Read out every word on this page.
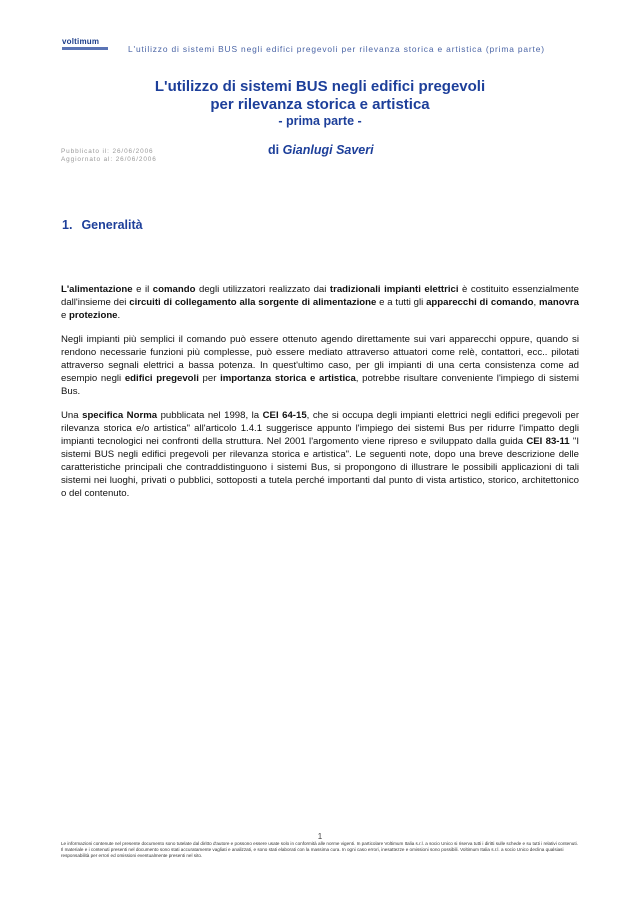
voltimum
L'utilizzo di sistemi BUS negli edifici pregevoli per rilevanza storica e artistica (prima parte)
L'utilizzo di sistemi BUS negli edifici pregevoli
per rilevanza storica e artistica
- prima parte -
Pubblicato il: 26/06/2006
Aggiornato al: 26/06/2006
di Gianlugi Saveri
1. Generalità

L'alimentazione e il comando degli utilizzatori realizzato dai tradizionali impianti elettrici è costituito essenzialmente dall'insieme dei circuiti di collegamento alla sorgente di alimentazione e a tutti gli apparecchi di comando, manovra e protezione.

Negli impianti più semplici il comando può essere ottenuto agendo direttamente sui vari apparecchi oppure, quando si rendono necessarie funzioni più complesse, può essere mediato attraverso attuatori come relè, contattori, ecc.. pilotati attraverso segnali elettrici a bassa potenza. In quest'ultimo caso, per gli impianti di una certa consistenza come ad esempio negli edifici pregevoli per importanza storica e artistica, potrebbe risultare conveniente l'impiego di sistemi Bus.

Una specifica Norma pubblicata nel 1998, la CEI 64-15, che si occupa degli impianti elettrici negli edifici pregevoli per rilevanza storica e/o artistica" all'articolo 1.4.1 suggerisce appunto l'impiego dei sistemi Bus per ridurre l'impatto degli impianti tecnologici nei confronti della struttura. Nel 2001 l'argomento viene ripreso e sviluppato dalla guida CEI 83-11 "I sistemi BUS negli edifici pregevoli per rilevanza storica e artistica". Le seguenti note, dopo una breve descrizione delle caratteristiche principali che contraddistinguono i sistemi Bus, si propongono di illustrare le possibili applicazioni di tali sistemi nei luoghi, privati o pubblici, sottoposti a tutela perché importanti dal punto di vista artistico, storico, architettonico o del contenuto.

1

Le informazioni contenute nel presente documento sono tutelate dal diritto d'autore e possono essere usate solo in conformità alle norme vigenti. In particolare Voltimum Italia s.r.l. a socio Unico si riserva tutti i diritti sulle schede e su tutti i relativi contenuti.

Il materiale e i contenuti presenti nel documento sono stati accuratamente vagliati e analizzati, e sono stati elaborati con la massima cura. In ogni caso errori, inesattezze e omissioni sono possibili. Voltimum Italia s.r.l. a socio Unico declina qualsiasi responsabilità per errori ed omissioni eventualmente presenti nel sito.
